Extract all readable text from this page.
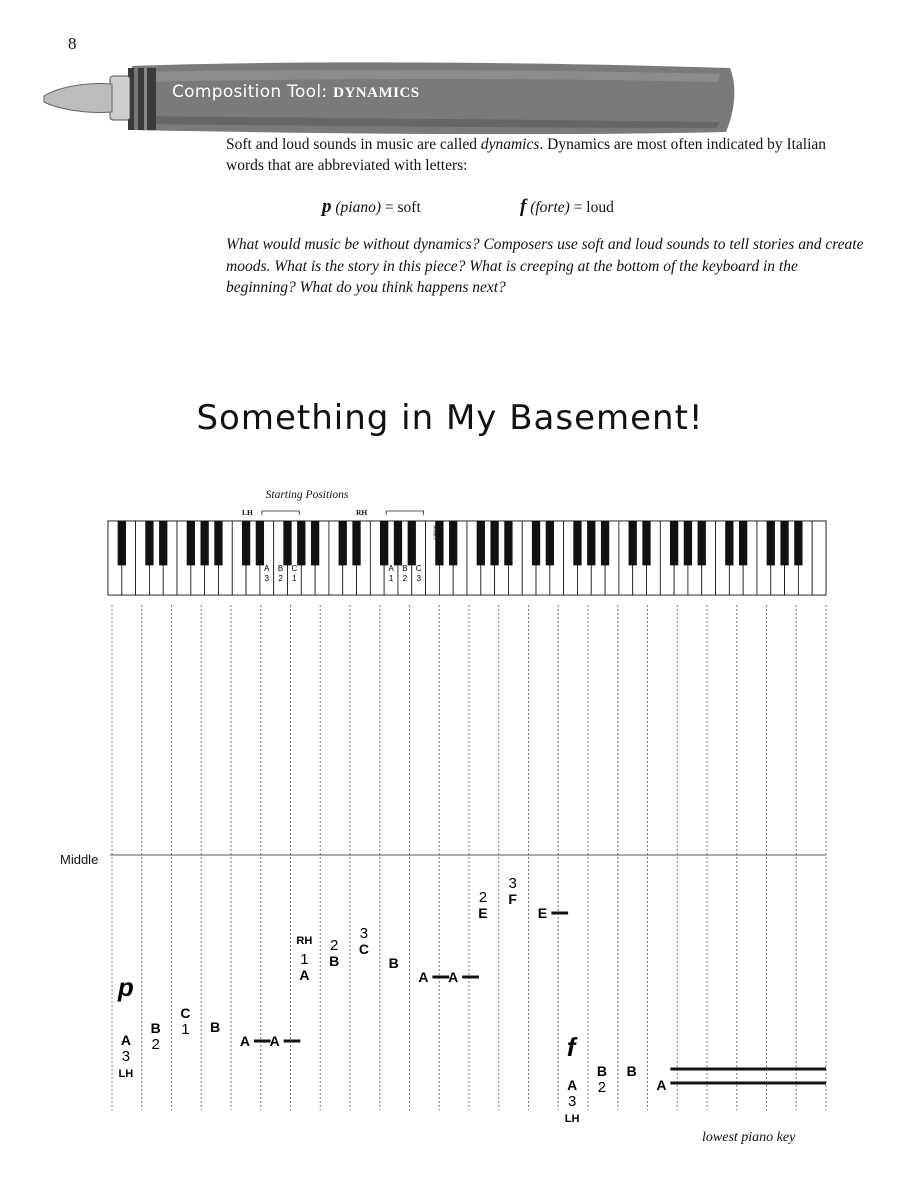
8
Composition Tool: DYNAMICS
Soft and loud sounds in music are called dynamics. Dynamics are most often indicated by Italian words that are abbreviated with letters:
p (piano) = soft	f (forte) = loud
What would music be without dynamics? Composers use soft and loud sounds to tell stories and create moods. What is the story in this piece? What is creeping at the bottom of the keyboard in the beginning? What do you think happens next?
Something in My Basement!
Starting Positions
LH	RH
A
3
B
2
C
1
A
1
B
2
C
3
Middle C
A
3
LH
B
2
C
1 B
A A
A
1
RH
B
2 C
3
B
A A
E
2 F
3
E
A
3
LH
B
2
B
A
p
f
Middle
lowest piano key
